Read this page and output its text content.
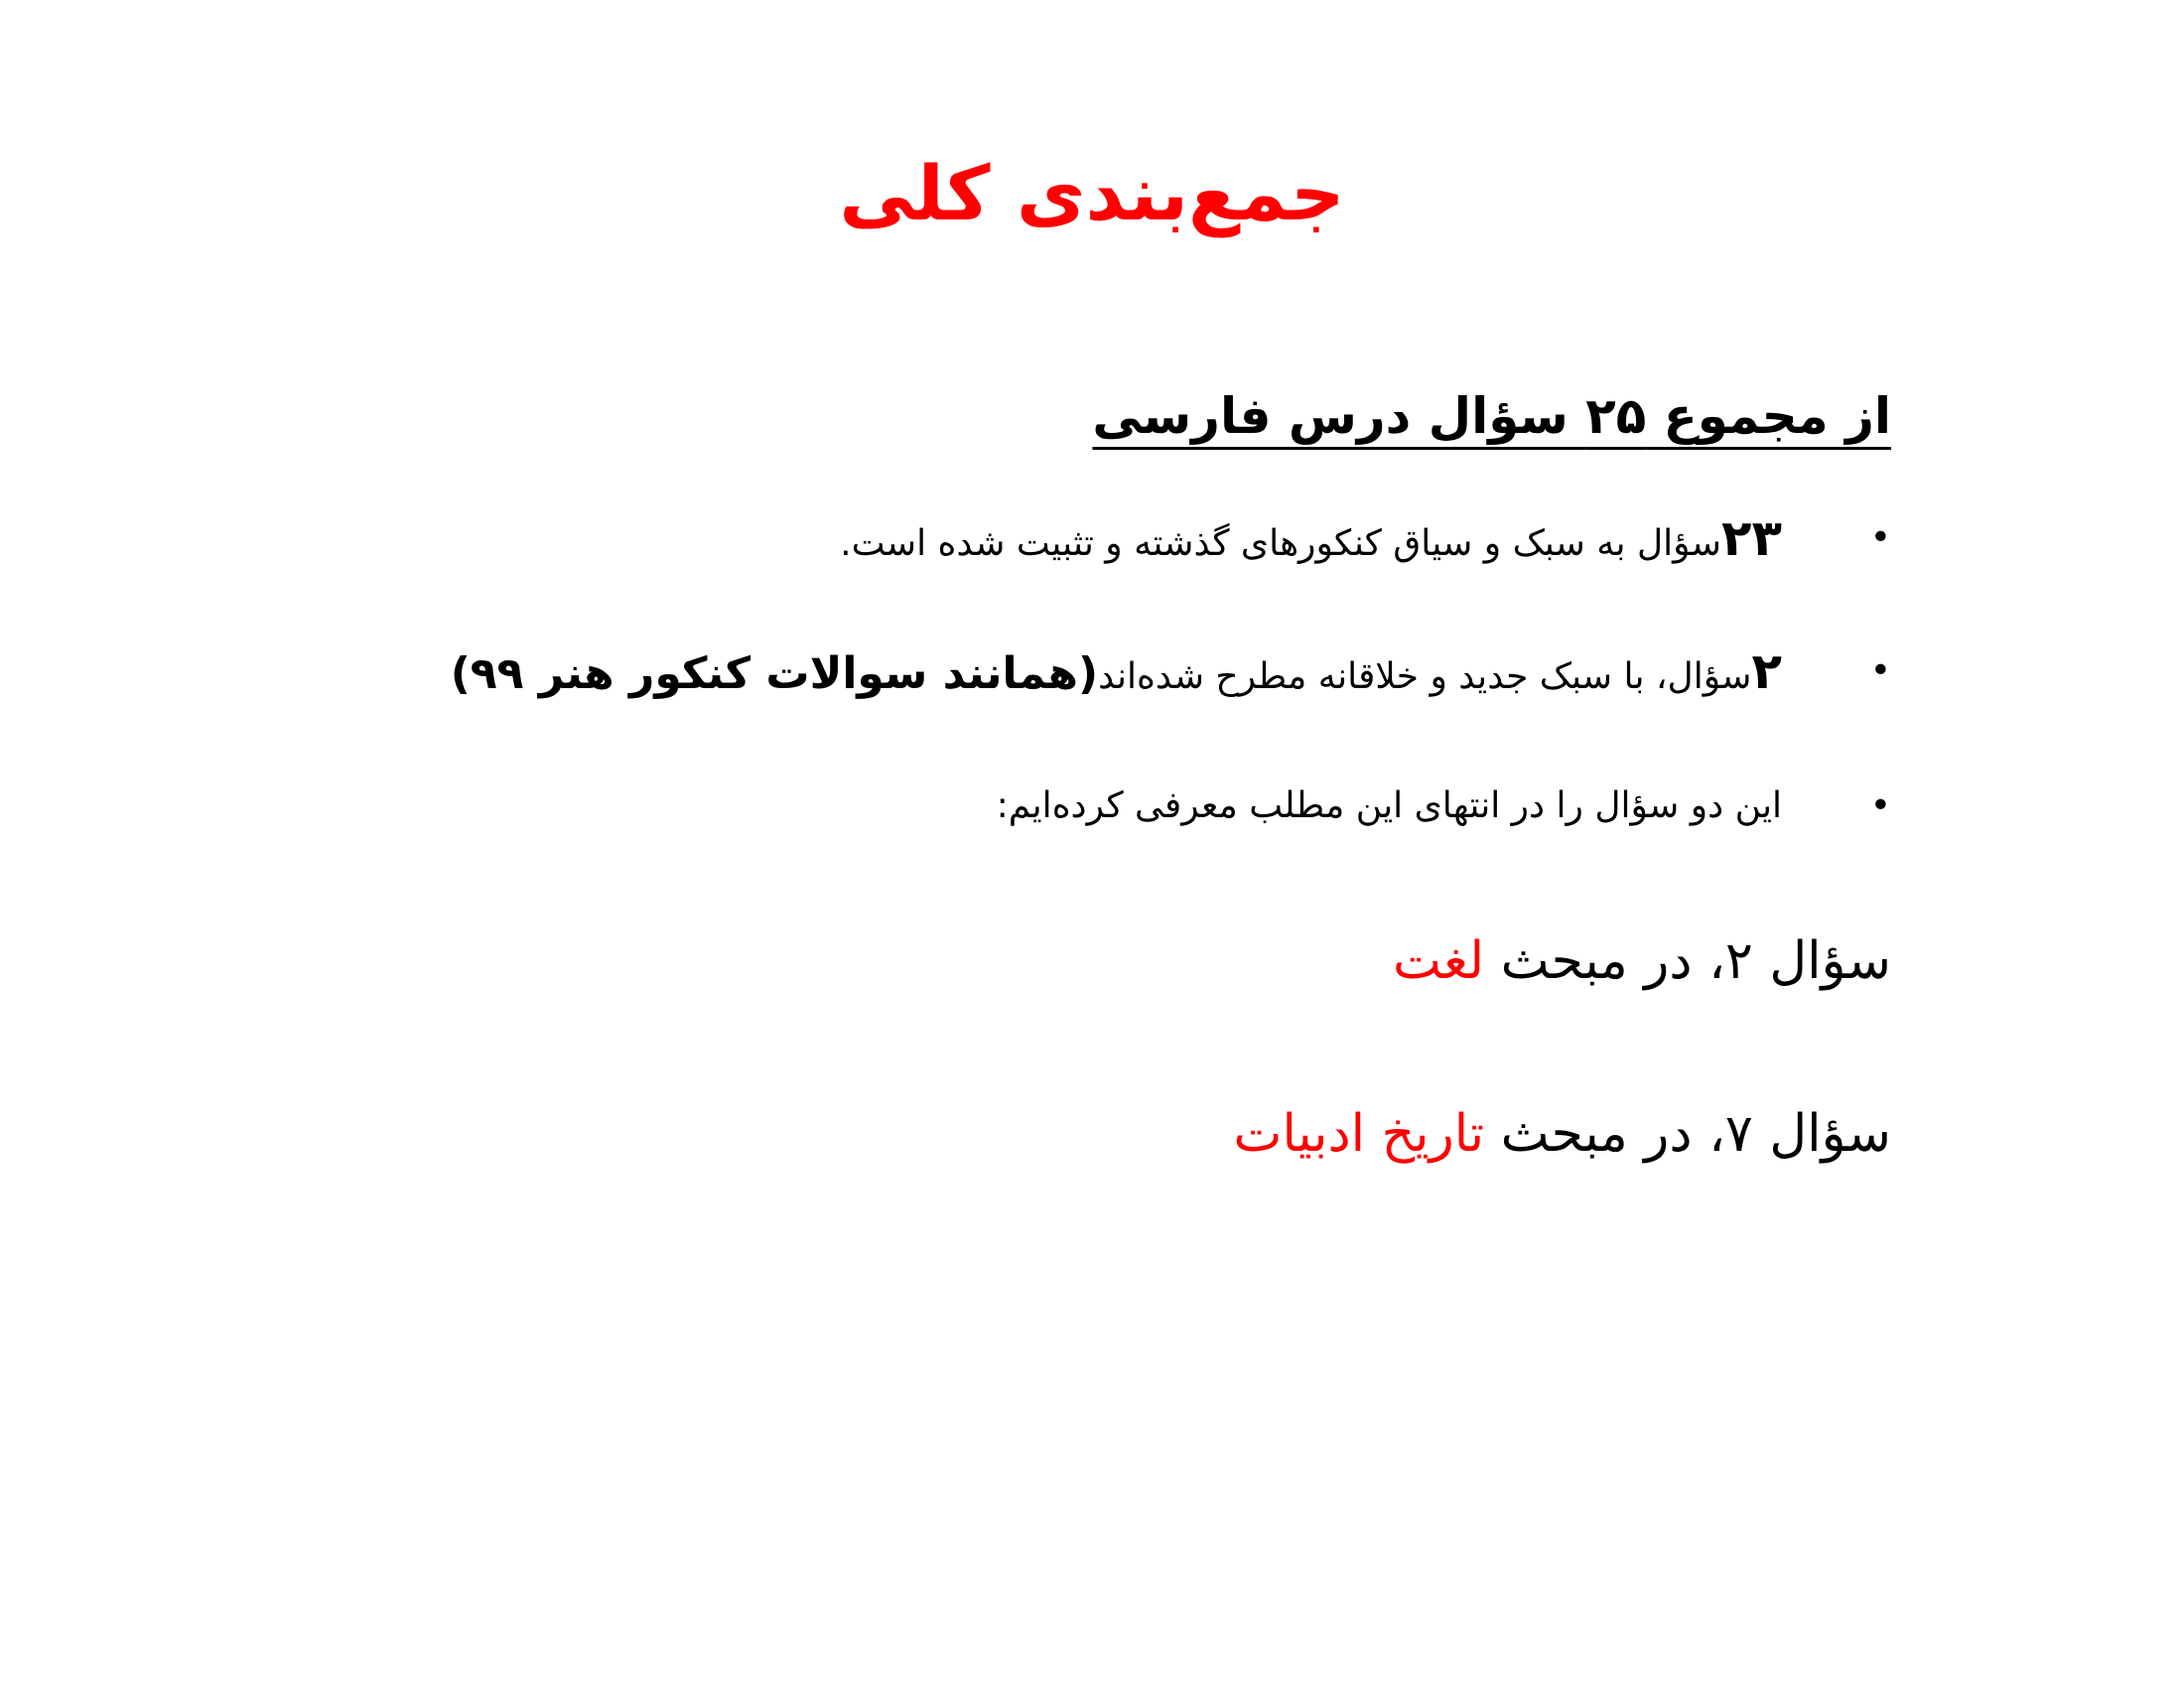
جمع‌بندی کلی
از مجموع ۲۵ سؤال درس فارسی
•
۲۳سؤال به سبک و سیاق کنکورهای گذشته و تثبیت شده است.
•
۲سؤال، با سبک جدید و خلاقانه مطرح شده‌اند(همانند سوالات کنکور هنر ۹۹)
•
این دو سؤال را در انتهای این مطلب معرفی کرده‌ایم:
سؤال ۲، در مبحث لغت
سؤال ۷، در مبحث تاریخ ادبیات
